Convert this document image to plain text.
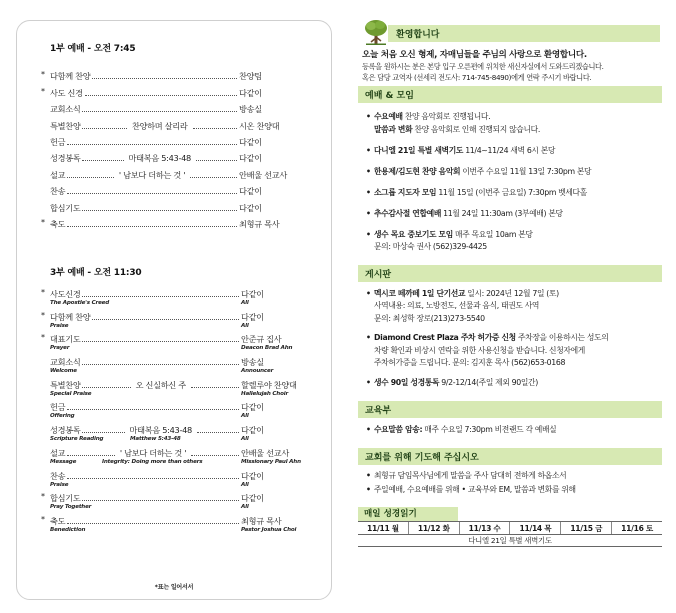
1부 예배 - 오전 7:45
* 다함께 찬양	찬양팀
* 사도 신경	다같이
교회소식	방송실
특별찬양	찬양하며 살리라	시온 찬양대
헌금	다같이
성경봉독	마태복음 5:43-48	다같이
설교	' 남보다 더하는 것 '	안배울 선교사
찬송	다같이
합심기도	다같이
* 축도	최형규 목사
3부 예배 - 오전 11:30
* 사도신경	다같이
The Apostle's Creed	All
* 다함께 찬양	다같이
Praise	All
* 대표기도	안준규 집사
Prayer	Deacon Brad Ahn
교회소식	방송실
Welcome	Announcer
특별찬양	오 신실하신 주	할렐루야 찬양대
Special Praise	Hallelujah Choir
헌금	다같이
Offering	All
성경봉독	마태복음 5:43-48	다같이
Scripture Reading	Matthew 5:43-48	All
설교	' 남보다 더하는 것 '	안배울 선교사
Message	Integrity: Doing more than others	Missionary Paul Ahn
찬송	다같이
Praise	All
* 합심기도	다같이
Pray Together	All
* 축도	최형규 목사
Benediction	Pastor Joshua Choi
*표는 일어서서
환영합니다
오늘 처음 오신 형제, 자매님들을 주님의 사랑으로 환영합니다.
등록을 원하시는 분은 본당 입구 오른편에 위치한 새신자실에서 도와드리겠습니다.
혹은 담당 교역자 (선세리 전도사: 714-745-8490)에게 연락 주시기 바랍니다.
예배 & 모임
• 수요예배 찬양 음악회로 진행됩니다.
말씀과 변화 찬양 음악회로 인해 진행되지 않습니다.
• 다니엘 21일 특별 새벽기도 11/4~11/24 새벽 6시 본당
• 한용제/김도현 찬양 음악회 이번주 수요일 11월 13일 7:30pm 본당
• 소그룹 지도자 모임 11월 15일 (이번주 금요일) 7:30pm 벳세다홀
• 추수감사절 연합예배 11월 24일 11:30am (3부예배) 본당
• 생수 목요 중보기도 모임 매주 목요일 10am 본당
문의: 마상숙 권사 (562)329-4425
게시판
• 멕시코 떼까떼 1일 단기선교 일시: 2024년 12월 7일 (토)
사역내용: 의료, 노방전도, 선물과 음식, 태권도 사역
문의: 최성학 장로(213)273-5540
• Diamond Crest Plaza 주차 허가증 신청 주차장을 이용하시는 성도의
차량 확인과 비상시 연락을 위한 사용신청을 받습니다. 신청자에게
주차허가증을 드립니다. 문의: 김지훈 목사 (562)653-0168
• 생수 90일 성경통독 9/2-12/14(주일 제외 90일간)
교육부
• 수요말씀 암송: 매주 수요일 7:30pm 비전랜드 각 예배실
교회를 위해 기도해 주십시오
• 최형규 담임목사님에게 말씀을 주사 담대히 전하게 하옵소서
• 주일예배, 수요예배를 위해 • 교육부와 EM, 말씀과 변화를 위해
매일 성경읽기
11/11 월	11/12 화	11/13 수	11/14 목	11/15 금	11/16 토
다니엘 21일 특별 새벽기도
